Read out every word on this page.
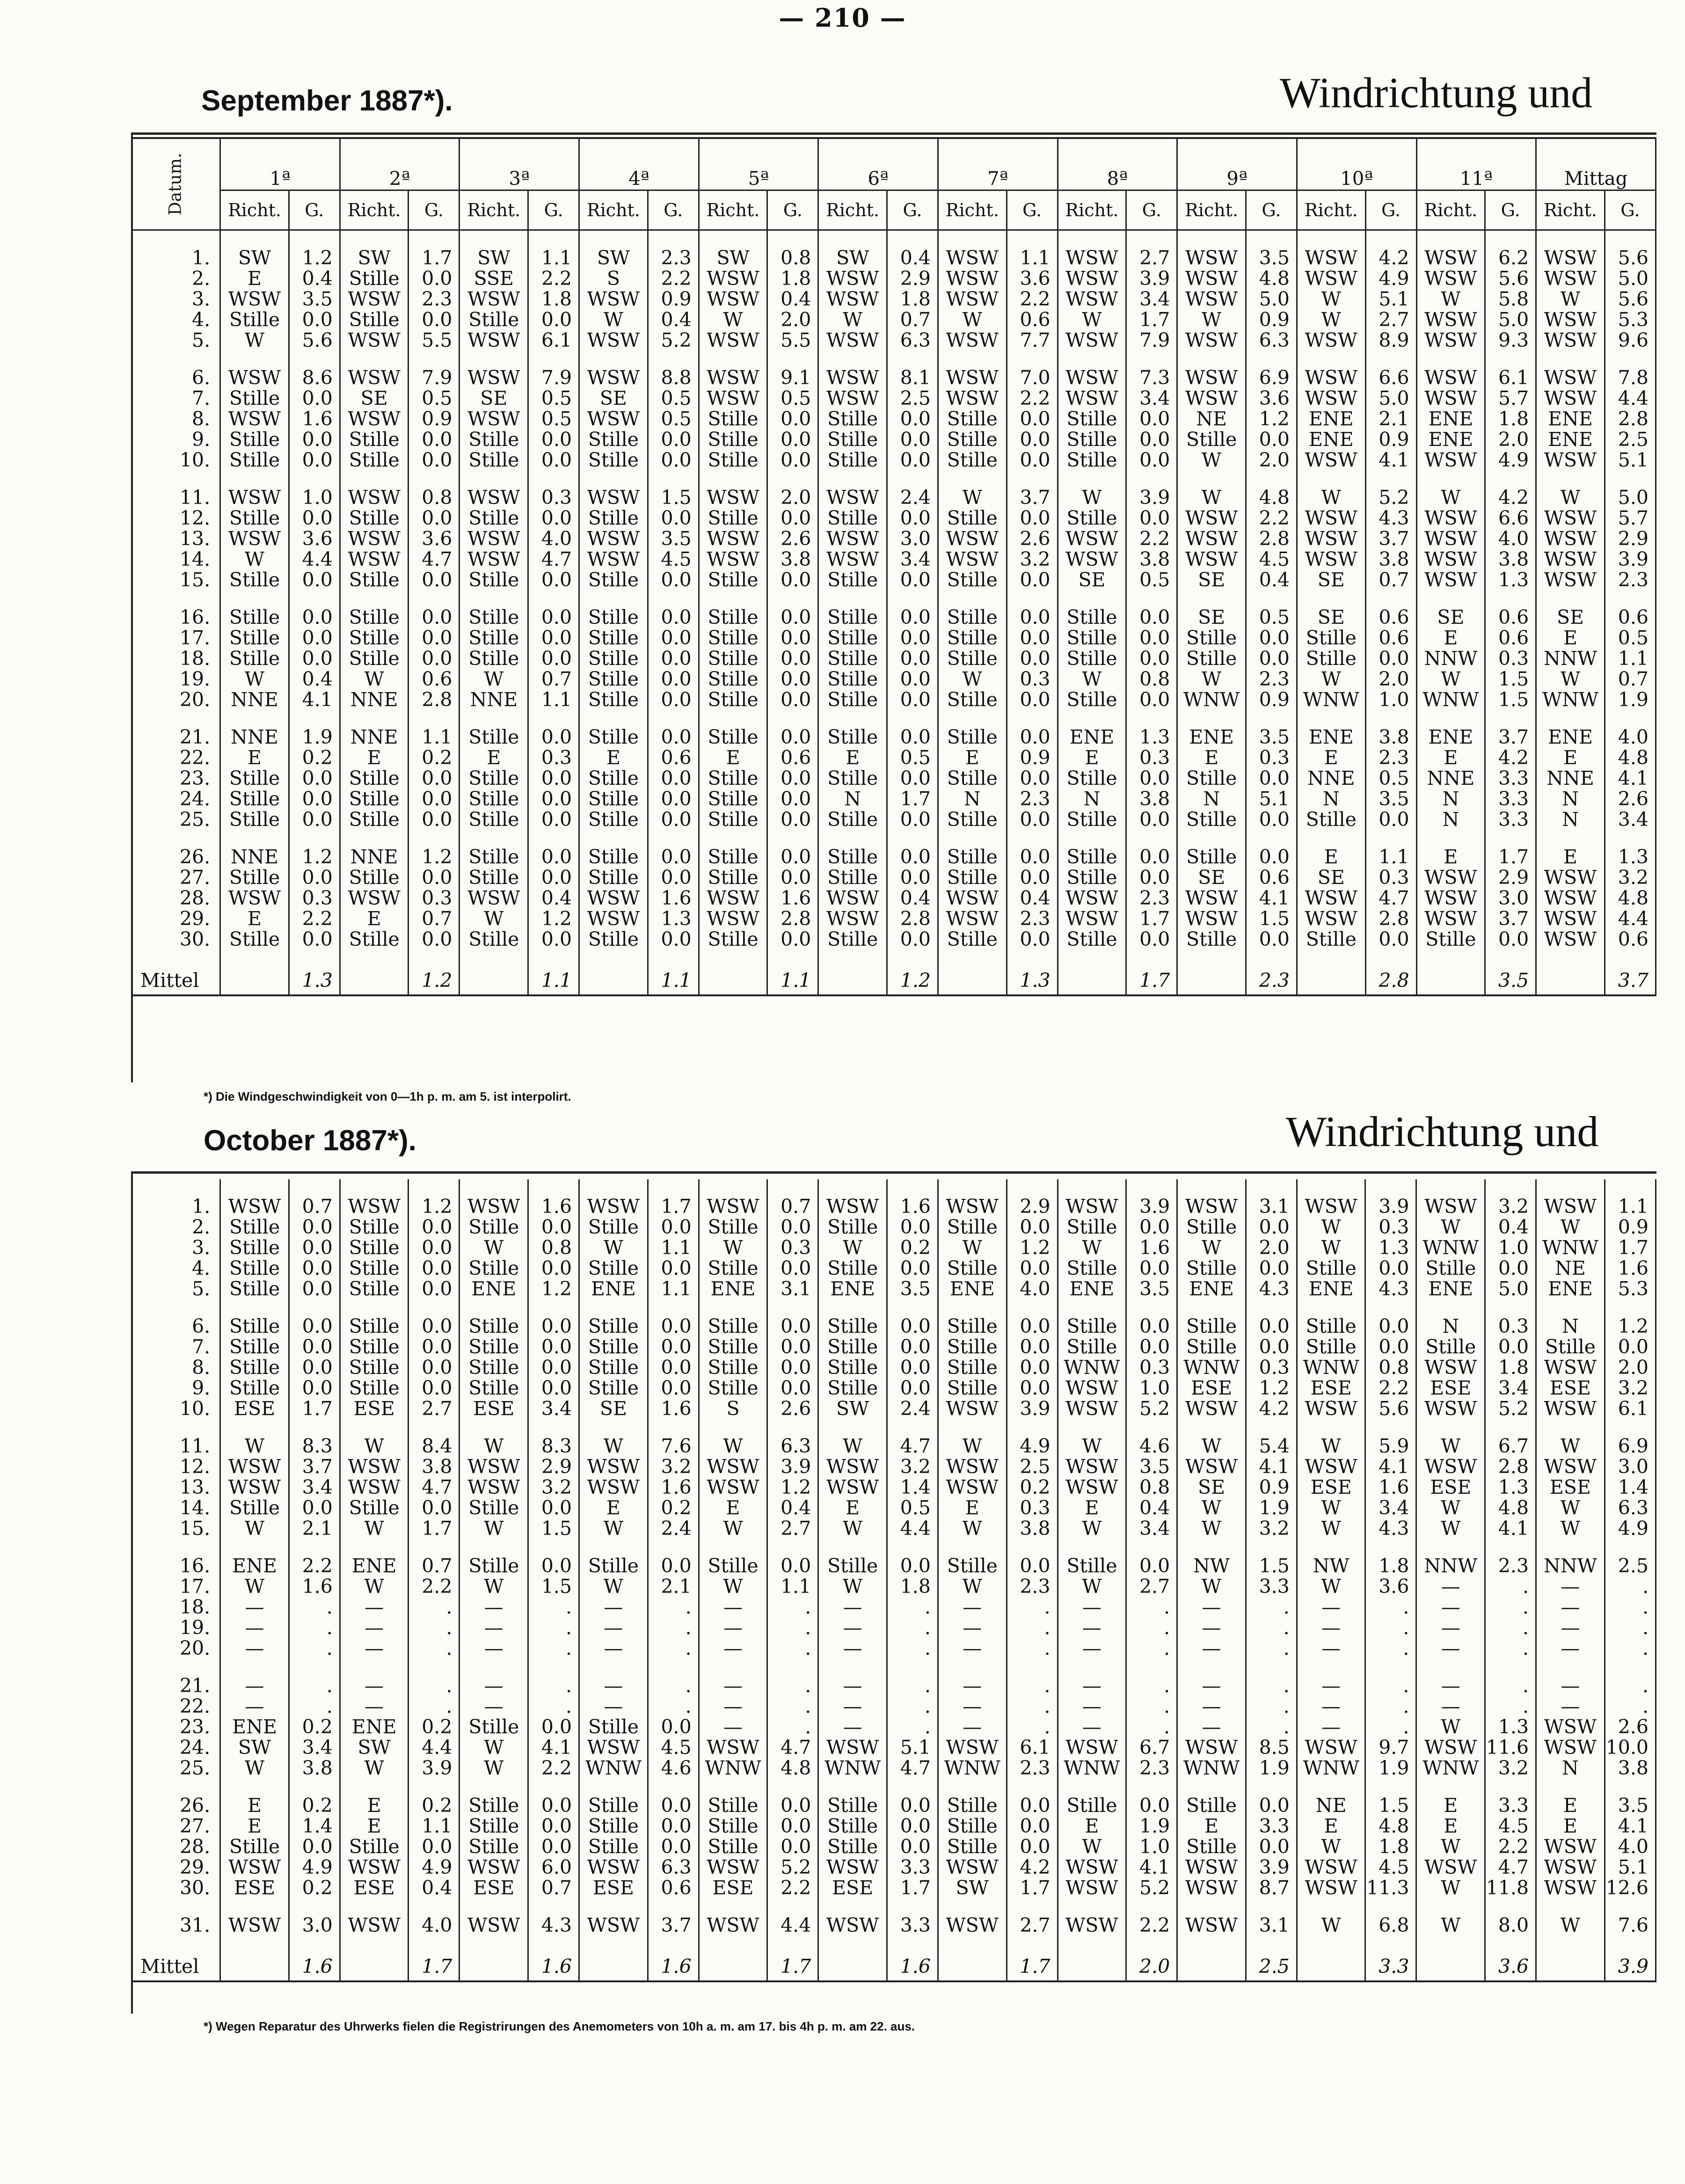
— 210 —
September 1887*).	Windrichtung und
Datum.	1ª		2ª		3ª		4ª		5ª		6ª		7ª		8ª		9ª		10ª		11ª		Mittag	
	Richt.	G.	Richt.	G.	Richt.	G.	Richt.	G.	Richt.	G.	Richt.	G.	Richt.	G.	Richt.	G.	Richt.	G.	Richt.	G.	Richt.	G.	Richt.	G.

1.	SW	1.2	SW	1.7	SW	1.1	SW	2.3	SW	0.8	SW	0.4	WSW	1.1	WSW	2.7	WSW	3.5	WSW	4.2	WSW	6.2	WSW	5.6
2.	E	0.4	Stille	0.0	SSE	2.2	S	2.2	WSW	1.8	WSW	2.9	WSW	3.6	WSW	3.9	WSW	4.8	WSW	4.9	WSW	5.6	WSW	5.0
3.	WSW	3.5	WSW	2.3	WSW	1.8	WSW	0.9	WSW	0.4	WSW	1.8	WSW	2.2	WSW	3.4	WSW	5.0	W	5.1	W	5.8	W	5.6
4.	Stille	0.0	Stille	0.0	Stille	0.0	W	0.4	W	2.0	W	0.7	W	0.6	W	1.7	W	0.9	W	2.7	WSW	5.0	WSW	5.3
5.	W	5.6	WSW	5.5	WSW	6.1	WSW	5.2	WSW	5.5	WSW	6.3	WSW	7.7	WSW	7.9	WSW	6.3	WSW	8.9	WSW	9.3	WSW	9.6

6.	WSW	8.6	WSW	7.9	WSW	7.9	WSW	8.8	WSW	9.1	WSW	8.1	WSW	7.0	WSW	7.3	WSW	6.9	WSW	6.6	WSW	6.1	WSW	7.8
7.	Stille	0.0	SE	0.5	SE	0.5	SE	0.5	WSW	0.5	WSW	2.5	WSW	2.2	WSW	3.4	WSW	3.6	WSW	5.0	WSW	5.7	WSW	4.4
8.	WSW	1.6	WSW	0.9	WSW	0.5	WSW	0.5	Stille	0.0	Stille	0.0	Stille	0.0	Stille	0.0	NE	1.2	ENE	2.1	ENE	1.8	ENE	2.8
9.	Stille	0.0	Stille	0.0	Stille	0.0	Stille	0.0	Stille	0.0	Stille	0.0	Stille	0.0	Stille	0.0	Stille	0.0	ENE	0.9	ENE	2.0	ENE	2.5
10.	Stille	0.0	Stille	0.0	Stille	0.0	Stille	0.0	Stille	0.0	Stille	0.0	Stille	0.0	Stille	0.0	W	2.0	WSW	4.1	WSW	4.9	WSW	5.1

11.	WSW	1.0	WSW	0.8	WSW	0.3	WSW	1.5	WSW	2.0	WSW	2.4	W	3.7	W	3.9	W	4.8	W	5.2	W	4.2	W	5.0
12.	Stille	0.0	Stille	0.0	Stille	0.0	Stille	0.0	Stille	0.0	Stille	0.0	Stille	0.0	Stille	0.0	WSW	2.2	WSW	4.3	WSW	6.6	WSW	5.7
13.	WSW	3.6	WSW	3.6	WSW	4.0	WSW	3.5	WSW	2.6	WSW	3.0	WSW	2.6	WSW	2.2	WSW	2.8	WSW	3.7	WSW	4.0	WSW	2.9
14.	W	4.4	WSW	4.7	WSW	4.7	WSW	4.5	WSW	3.8	WSW	3.4	WSW	3.2	WSW	3.8	WSW	4.5	WSW	3.8	WSW	3.8	WSW	3.9
15.	Stille	0.0	Stille	0.0	Stille	0.0	Stille	0.0	Stille	0.0	Stille	0.0	Stille	0.0	SE	0.5	SE	0.4	SE	0.7	WSW	1.3	WSW	2.3

16.	Stille	0.0	Stille	0.0	Stille	0.0	Stille	0.0	Stille	0.0	Stille	0.0	Stille	0.0	Stille	0.0	SE	0.5	SE	0.6	SE	0.6	SE	0.6
17.	Stille	0.0	Stille	0.0	Stille	0.0	Stille	0.0	Stille	0.0	Stille	0.0	Stille	0.0	Stille	0.0	Stille	0.0	Stille	0.6	E	0.6	E	0.5
18.	Stille	0.0	Stille	0.0	Stille	0.0	Stille	0.0	Stille	0.0	Stille	0.0	Stille	0.0	Stille	0.0	Stille	0.0	Stille	0.0	NNW	0.3	NNW	1.1
19.	W	0.4	W	0.6	W	0.7	Stille	0.0	Stille	0.0	Stille	0.0	W	0.3	W	0.8	W	2.3	W	2.0	W	1.5	W	0.7
20.	NNE	4.1	NNE	2.8	NNE	1.1	Stille	0.0	Stille	0.0	Stille	0.0	Stille	0.0	Stille	0.0	WNW	0.9	WNW	1.0	WNW	1.5	WNW	1.9

21.	NNE	1.9	NNE	1.1	Stille	0.0	Stille	0.0	Stille	0.0	Stille	0.0	Stille	0.0	ENE	1.3	ENE	3.5	ENE	3.8	ENE	3.7	ENE	4.0
22.	E	0.2	E	0.2	E	0.3	E	0.6	E	0.6	E	0.5	E	0.9	E	0.3	E	0.3	E	2.3	E	4.2	E	4.8
23.	Stille	0.0	Stille	0.0	Stille	0.0	Stille	0.0	Stille	0.0	Stille	0.0	Stille	0.0	Stille	0.0	Stille	0.0	NNE	0.5	NNE	3.3	NNE	4.1
24.	Stille	0.0	Stille	0.0	Stille	0.0	Stille	0.0	Stille	0.0	N	1.7	N	2.3	N	3.8	N	5.1	N	3.5	N	3.3	N	2.6
25.	Stille	0.0	Stille	0.0	Stille	0.0	Stille	0.0	Stille	0.0	Stille	0.0	Stille	0.0	Stille	0.0	Stille	0.0	Stille	0.0	N	3.3	N	3.4

26.	NNE	1.2	NNE	1.2	Stille	0.0	Stille	0.0	Stille	0.0	Stille	0.0	Stille	0.0	Stille	0.0	Stille	0.0	E	1.1	E	1.7	E	1.3
27.	Stille	0.0	Stille	0.0	Stille	0.0	Stille	0.0	Stille	0.0	Stille	0.0	Stille	0.0	Stille	0.0	SE	0.6	SE	0.3	WSW	2.9	WSW	3.2
28.	WSW	0.3	WSW	0.3	WSW	0.4	WSW	1.6	WSW	1.6	WSW	0.4	WSW	0.4	WSW	2.3	WSW	4.1	WSW	4.7	WSW	3.0	WSW	4.8
29.	E	2.2	E	0.7	W	1.2	WSW	1.3	WSW	2.8	WSW	2.8	WSW	2.3	WSW	1.7	WSW	1.5	WSW	2.8	WSW	3.7	WSW	4.4
30.	Stille	0.0	Stille	0.0	Stille	0.0	Stille	0.0	Stille	0.0	Stille	0.0	Stille	0.0	Stille	0.0	Stille	0.0	Stille	0.0	Stille	0.0	WSW	0.6

Mittel		1.3		1.2		1.1		1.1		1.1		1.2		1.3		1.7		2.3		2.8		3.5		3.7
*) Die Windgeschwindigkeit von 0—1h p. m. am 5. ist interpolirt.
October 1887*).	Windrichtung und

1.	WSW	0.7	WSW	1.2	WSW	1.6	WSW	1.7	WSW	0.7	WSW	1.6	WSW	2.9	WSW	3.9	WSW	3.1	WSW	3.9	WSW	3.2	WSW	1.1
2.	Stille	0.0	Stille	0.0	Stille	0.0	Stille	0.0	Stille	0.0	Stille	0.0	Stille	0.0	Stille	0.0	Stille	0.0	W	0.3	W	0.4	W	0.9
3.	Stille	0.0	Stille	0.0	W	0.8	W	1.1	W	0.3	W	0.2	W	1.2	W	1.6	W	2.0	W	1.3	WNW	1.0	WNW	1.7
4.	Stille	0.0	Stille	0.0	Stille	0.0	Stille	0.0	Stille	0.0	Stille	0.0	Stille	0.0	Stille	0.0	Stille	0.0	Stille	0.0	Stille	0.0	NE	1.6
5.	Stille	0.0	Stille	0.0	ENE	1.2	ENE	1.1	ENE	3.1	ENE	3.5	ENE	4.0	ENE	3.5	ENE	4.3	ENE	4.3	ENE	5.0	ENE	5.3

6.	Stille	0.0	Stille	0.0	Stille	0.0	Stille	0.0	Stille	0.0	Stille	0.0	Stille	0.0	Stille	0.0	Stille	0.0	Stille	0.0	N	0.3	N	1.2
7.	Stille	0.0	Stille	0.0	Stille	0.0	Stille	0.0	Stille	0.0	Stille	0.0	Stille	0.0	Stille	0.0	Stille	0.0	Stille	0.0	Stille	0.0	Stille	0.0
8.	Stille	0.0	Stille	0.0	Stille	0.0	Stille	0.0	Stille	0.0	Stille	0.0	Stille	0.0	WNW	0.3	WNW	0.3	WNW	0.8	WSW	1.8	WSW	2.0
9.	Stille	0.0	Stille	0.0	Stille	0.0	Stille	0.0	Stille	0.0	Stille	0.0	Stille	0.0	WSW	1.0	ESE	1.2	ESE	2.2	ESE	3.4	ESE	3.2
10.	ESE	1.7	ESE	2.7	ESE	3.4	SE	1.6	S	2.6	SW	2.4	WSW	3.9	WSW	5.2	WSW	4.2	WSW	5.6	WSW	5.2	WSW	6.1

11.	W	8.3	W	8.4	W	8.3	W	7.6	W	6.3	W	4.7	W	4.9	W	4.6	W	5.4	W	5.9	W	6.7	W	6.9
12.	WSW	3.7	WSW	3.8	WSW	2.9	WSW	3.2	WSW	3.9	WSW	3.2	WSW	2.5	WSW	3.5	WSW	4.1	WSW	4.1	WSW	2.8	WSW	3.0
13.	WSW	3.4	WSW	4.7	WSW	3.2	WSW	1.6	WSW	1.2	WSW	1.4	WSW	0.2	WSW	0.8	SE	0.9	ESE	1.6	ESE	1.3	ESE	1.4
14.	Stille	0.0	Stille	0.0	Stille	0.0	E	0.2	E	0.4	E	0.5	E	0.3	E	0.4	W	1.9	W	3.4	W	4.8	W	6.3
15.	W	2.1	W	1.7	W	1.5	W	2.4	W	2.7	W	4.4	W	3.8	W	3.4	W	3.2	W	4.3	W	4.1	W	4.9

16.	ENE	2.2	ENE	0.7	Stille	0.0	Stille	0.0	Stille	0.0	Stille	0.0	Stille	0.0	Stille	0.0	NW	1.5	NW	1.8	NNW	2.3	NNW	2.5
17.	W	1.6	W	2.2	W	1.5	W	2.1	W	1.1	W	1.8	W	2.3	W	2.7	W	3.3	W	3.6	—	.	—	.
18.	—	.	—	.	—	.	—	.	—	.	—	.	—	.	—	.	—	.	—	.	—	.	—	.
19.	—	.	—	.	—	.	—	.	—	.	—	.	—	.	—	.	—	.	—	.	—	.	—	.
20.	—	.	—	.	—	.	—	.	—	.	—	.	—	.	—	.	—	.	—	.	—	.	—	.

21.	—	.	—	.	—	.	—	.	—	.	—	.	—	.	—	.	—	.	—	.	—	.	—	.
22.	—	.	—	.	—	.	—	.	—	.	—	.	—	.	—	.	—	.	—	.	—	.	—	.
23.	ENE	0.2	ENE	0.2	Stille	0.0	Stille	0.0	—	.	—	.	—	.	—	.	—	.	—	.	W	1.3	WSW	2.6
24.	SW	3.4	SW	4.4	W	4.1	WSW	4.5	WSW	4.7	WSW	5.1	WSW	6.1	WSW	6.7	WSW	8.5	WSW	9.7	WSW	11.6	WSW	10.0
25.	W	3.8	W	3.9	W	2.2	WNW	4.6	WNW	4.8	WNW	4.7	WNW	2.3	WNW	2.3	WNW	1.9	WNW	1.9	WNW	3.2	N	3.8

26.	E	0.2	E	0.2	Stille	0.0	Stille	0.0	Stille	0.0	Stille	0.0	Stille	0.0	Stille	0.0	Stille	0.0	NE	1.5	E	3.3	E	3.5
27.	E	1.4	E	1.1	Stille	0.0	Stille	0.0	Stille	0.0	Stille	0.0	Stille	0.0	E	1.9	E	3.3	E	4.8	E	4.5	E	4.1
28.	Stille	0.0	Stille	0.0	Stille	0.0	Stille	0.0	Stille	0.0	Stille	0.0	Stille	0.0	W	1.0	Stille	0.0	W	1.8	W	2.2	WSW	4.0
29.	WSW	4.9	WSW	4.9	WSW	6.0	WSW	6.3	WSW	5.2	WSW	3.3	WSW	4.2	WSW	4.1	WSW	3.9	WSW	4.5	WSW	4.7	WSW	5.1
30.	ESE	0.2	ESE	0.4	ESE	0.7	ESE	0.6	ESE	2.2	ESE	1.7	SW	1.7	WSW	5.2	WSW	8.7	WSW	11.3	W	11.8	WSW	12.6

31.	WSW	3.0	WSW	4.0	WSW	4.3	WSW	3.7	WSW	4.4	WSW	3.3	WSW	2.7	WSW	2.2	WSW	3.1	W	6.8	W	8.0	W	7.6

Mittel		1.6		1.7		1.6		1.6		1.7		1.6		1.7		2.0		2.5		3.3		3.6		3.9
*) Wegen Reparatur des Uhrwerks fielen die Registrirungen des Anemometers von 10h a. m. am 17. bis 4h p. m. am 22. aus.
